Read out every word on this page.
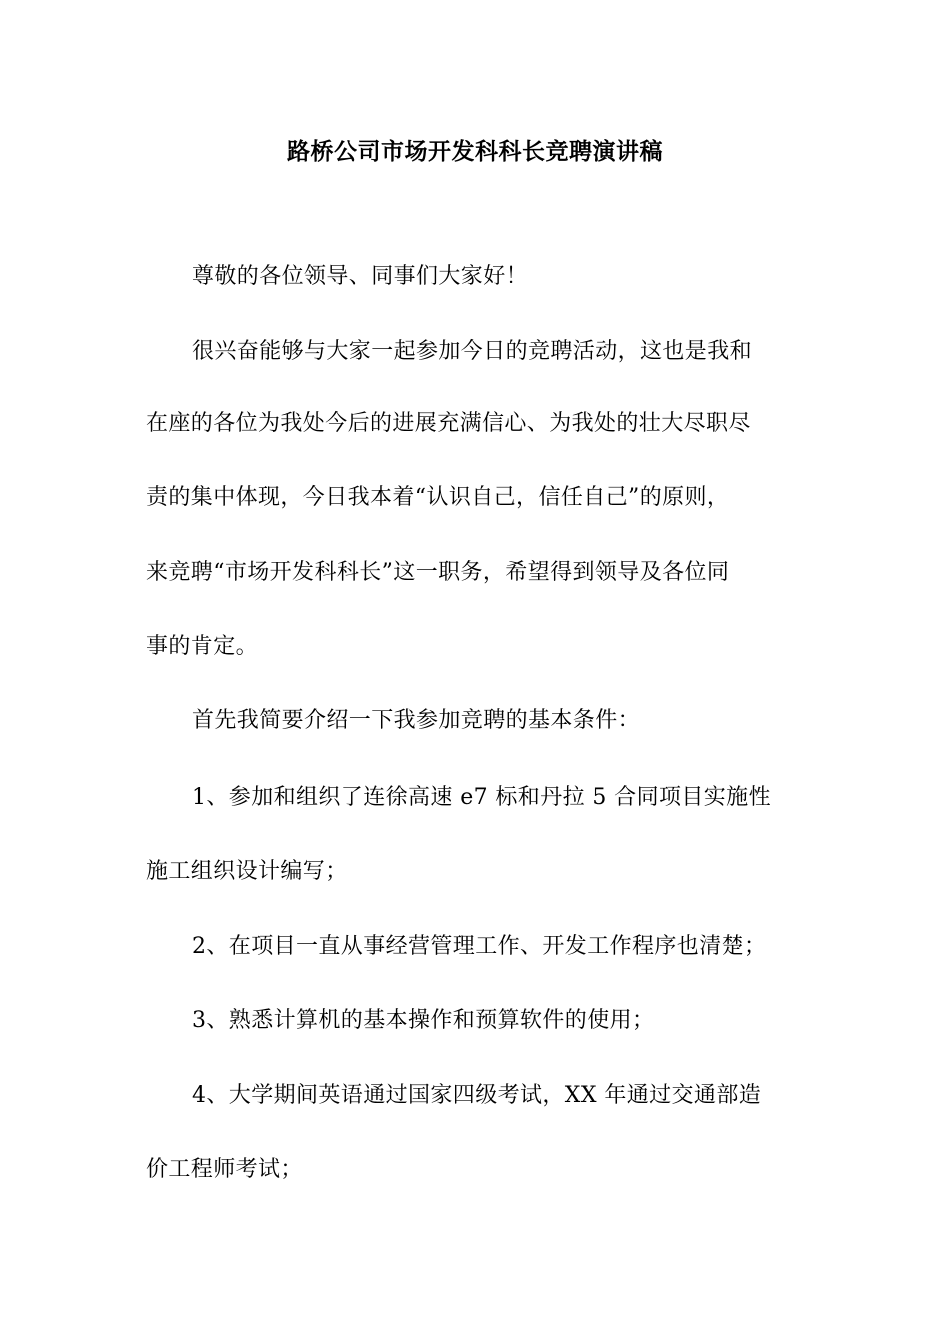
路桥公司市场开发科科长竞聘演讲稿
尊敬的各位领导、同事们大家好！
很兴奋能够与大家一起参加今日的竞聘活动，这也是我和
在座的各位为我处今后的进展充满信心、为我处的壮大尽职尽
责的集中体现，今日我本着“认识自己，信任自己”的原则，
来竞聘“市场开发科科长”这一职务，希望得到领导及各位同
事的肯定。
首先我简要介绍一下我参加竞聘的基本条件：
1、参加和组织了连徐高速 e7 标和丹拉 5 合同项目实施性
施工组织设计编写；
2、在项目一直从事经营管理工作、开发工作程序也清楚；
3、熟悉计算机的基本操作和预算软件的使用；
4、大学期间英语通过国家四级考试，XX 年通过交通部造
价工程师考试；
